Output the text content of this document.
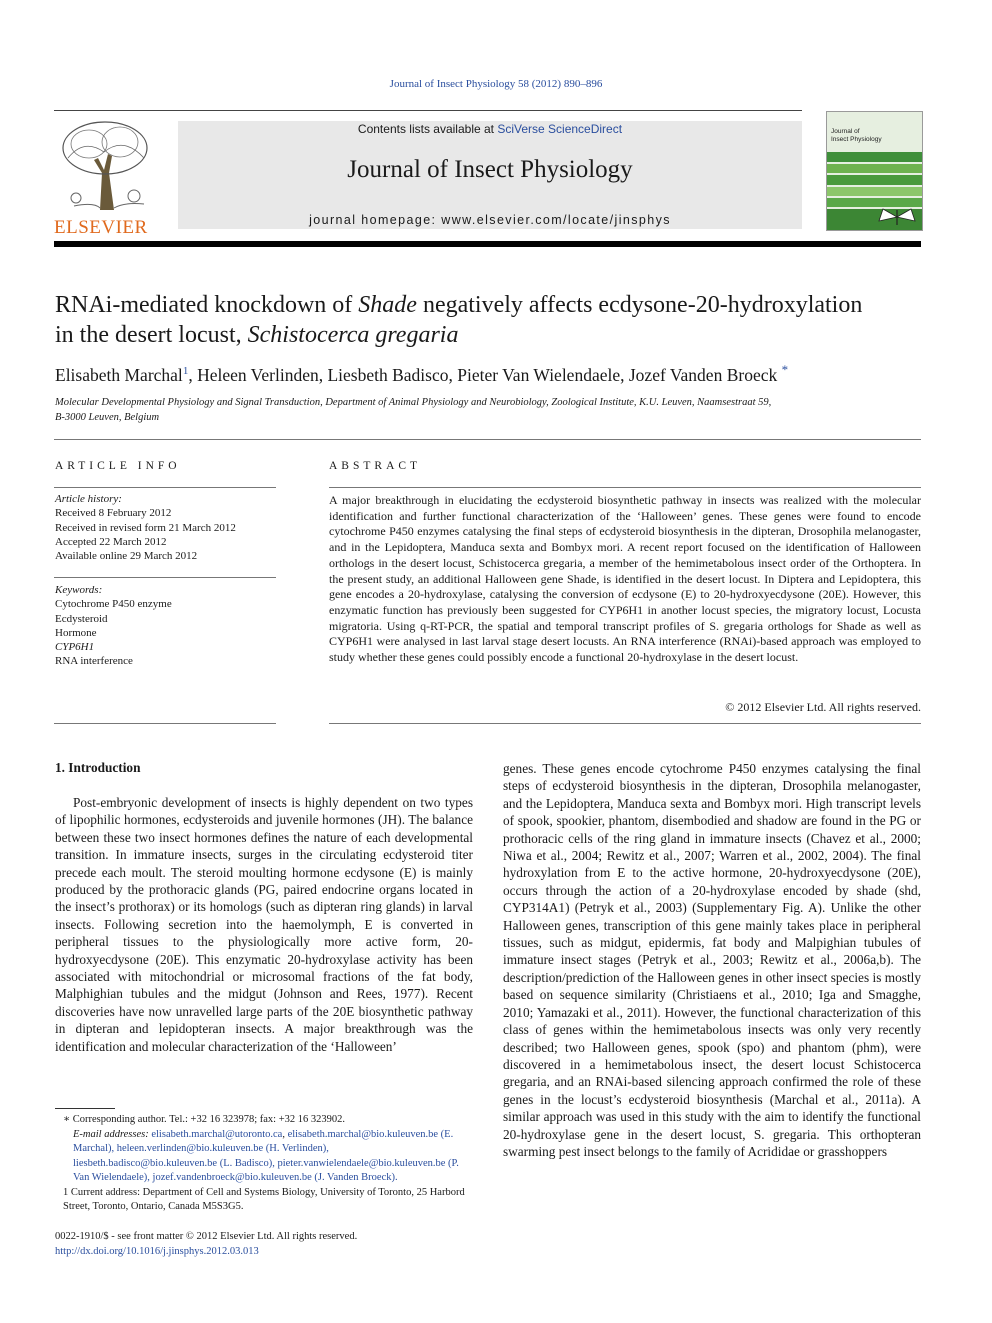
Journal of Insect Physiology 58 (2012) 890–896
ELSEVIER
Contents lists available at SciVerse ScienceDirect
Journal of Insect Physiology
journal homepage: www.elsevier.com/locate/jinsphys
Journal of
Insect Physiology
RNAi-mediated knockdown of Shade negatively affects ecdysone-20-hydroxylation
in the desert locust, Schistocerca gregaria
Elisabeth Marchal$^1$, Heleen Verlinden, Liesbeth Badisco, Pieter Van Wielendaele, Jozef Vanden Broeck *
Molecular Developmental Physiology and Signal Transduction, Department of Animal Physiology and Neurobiology, Zoological Institute, K.U. Leuven, Naamsestraat 59,
B-3000 Leuven, Belgium
ARTICLE INFO
Article history:
Received 8 February 2012
Received in revised form 21 March 2012
Accepted 22 March 2012
Available online 29 March 2012
Keywords:
Cytochrome P450 enzyme
Ecdysteroid
Hormone
CYP6H1
RNA interference
ABSTRACT
A major breakthrough in elucidating the ecdysteroid biosynthetic pathway in insects was realized with the molecular identification and further functional characterization of the ‘Halloween’ genes. These genes were found to encode cytochrome P450 enzymes catalysing the final steps of ecdysteroid biosynthesis in the dipteran, Drosophila melanogaster, and in the Lepidoptera, Manduca sexta and Bombyx mori. A recent report focused on the identification of Halloween orthologs in the desert locust, Schistocerca gregaria, a member of the hemimetabolous insect order of the Orthoptera. In the present study, an additional Halloween gene Shade, is identified in the desert locust. In Diptera and Lepidoptera, this gene encodes a 20-hydroxylase, catalysing the conversion of ecdysone (E) to 20-hydroxyecdysone (20E). However, this enzymatic function has previously been suggested for CYP6H1 in another locust species, the migratory locust, Locusta migratoria. Using q-RT-PCR, the spatial and temporal transcript profiles of S. gregaria orthologs for Shade as well as CYP6H1 were analysed in last larval stage desert locusts. An RNA interference (RNAi)-based approach was employed to study whether these genes could possibly encode a functional 20-hydroxylase in the desert locust.
© 2012 Elsevier Ltd. All rights reserved.
1. Introduction
Post-embryonic development of insects is highly dependent on two types of lipophilic hormones, ecdysteroids and juvenile hormones (JH). The balance between these two insect hormones defines the nature of each developmental transition. In immature insects, surges in the circulating ecdysteroid titer precede each moult. The steroid moulting hormone ecdysone (E) is mainly produced by the prothoracic glands (PG, paired endocrine organs located in the insect’s prothorax) or its homologs (such as dipteran ring glands) in larval insects. Following secretion into the haemolymph, E is converted in peripheral tissues to the physiologically more active form, 20-hydroxyecdysone (20E). This enzymatic 20-hydroxylase activity has been associated with mitochondrial or microsomal fractions of the fat body, Malphighian tubules and the midgut (Johnson and Rees, 1977). Recent discoveries have now unravelled large parts of the 20E biosynthetic pathway in dipteran and lepidopteran insects. A major breakthrough was the identification and molecular characterization of the ‘Halloween’
genes. These genes encode cytochrome P450 enzymes catalysing the final steps of ecdysteroid biosynthesis in the dipteran, Drosophila melanogaster, and the Lepidoptera, Manduca sexta and Bombyx mori. High transcript levels of spook, spookier, phantom, disembodied and shadow are found in the PG or prothoracic cells of the ring gland in immature insects (Chavez et al., 2000; Niwa et al., 2004; Rewitz et al., 2007; Warren et al., 2002, 2004). The final hydroxylation from E to the active hormone, 20-hydroxyecdysone (20E), occurs through the action of a 20-hydroxylase encoded by shade (shd, CYP314A1) (Petryk et al., 2003) (Supplementary Fig. A). Unlike the other Halloween genes, transcription of this gene mainly takes place in peripheral tissues, such as midgut, epidermis, fat body and Malpighian tubules of immature insect stages (Petryk et al., 2003; Rewitz et al., 2006a,b). The description/prediction of the Halloween genes in other insect species is mostly based on sequence similarity (Christiaens et al., 2010; Iga and Smagghe, 2010; Yamazaki et al., 2011). However, the functional characterization of this class of genes within the hemimetabolous insects was only very recently described; two Halloween genes, spook (spo) and phantom (phm), were discovered in a hemimetabolous insect, the desert locust Schistocerca gregaria, and an RNAi-based silencing approach confirmed the role of these genes in the locust’s ecdysteroid biosynthesis (Marchal et al., 2011a). A similar approach was used in this study with the aim to identify the functional 20-hydroxylase gene in the desert locust, S. gregaria. This orthopteran swarming pest insect belongs to the family of Acrididae or grasshoppers
∗ Corresponding author. Tel.: +32 16 323978; fax: +32 16 323902.
E-mail addresses: elisabeth.marchal@utoronto.ca, elisabeth.marchal@bio.kuleuven.be (E. Marchal), heleen.verlinden@bio.kuleuven.be (H. Verlinden), liesbeth.badisco@bio.kuleuven.be (L. Badisco), pieter.vanwielendaele@bio.kuleuven.be (P. Van Wielendaele), jozef.vandenbroeck@bio.kuleuven.be (J. Vanden Broeck).
1 Current address: Department of Cell and Systems Biology, University of Toronto, 25 Harbord Street, Toronto, Ontario, Canada M5S3G5.
0022-1910/$ - see front matter © 2012 Elsevier Ltd. All rights reserved.
http://dx.doi.org/10.1016/j.jinsphys.2012.03.013
